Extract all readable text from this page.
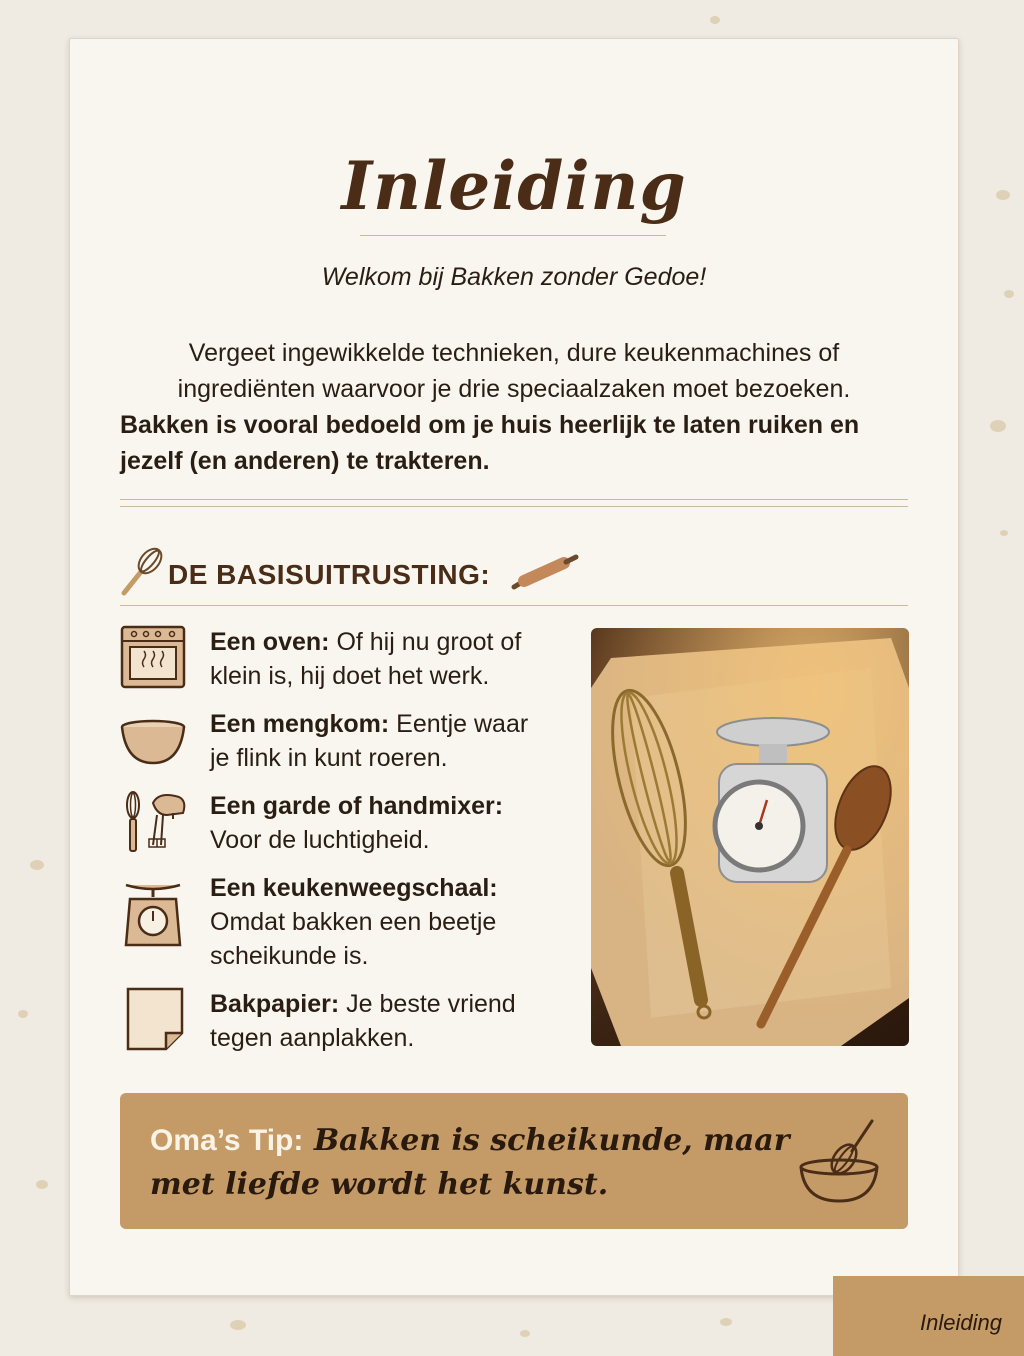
Inleiding
Welkom bij Bakken zonder Gedoe!
Vergeet ingewikkelde technieken, dure keukenmachines of ingrediënten waarvoor je drie speciaalzaken moet bezoeken.
Bakken is vooral bedoeld om je huis heerlijk te laten ruiken en jezelf (en anderen) te trakteren.
DE BASISUITRUSTING:
Een oven: Of hij nu groot of klein is, hij doet het werk.
Een mengkom: Eentje waar je flink in kunt roeren.
Een garde of handmixer:
Voor de luchtigheid.
Een keukenweegschaal:
Omdat bakken een beetje scheikunde is.
Bakpapier: Je beste vriend tegen aanplakken.
Oma’s Tip: Bakken is scheikunde, maar met liefde wordt het kunst.
Inleiding
